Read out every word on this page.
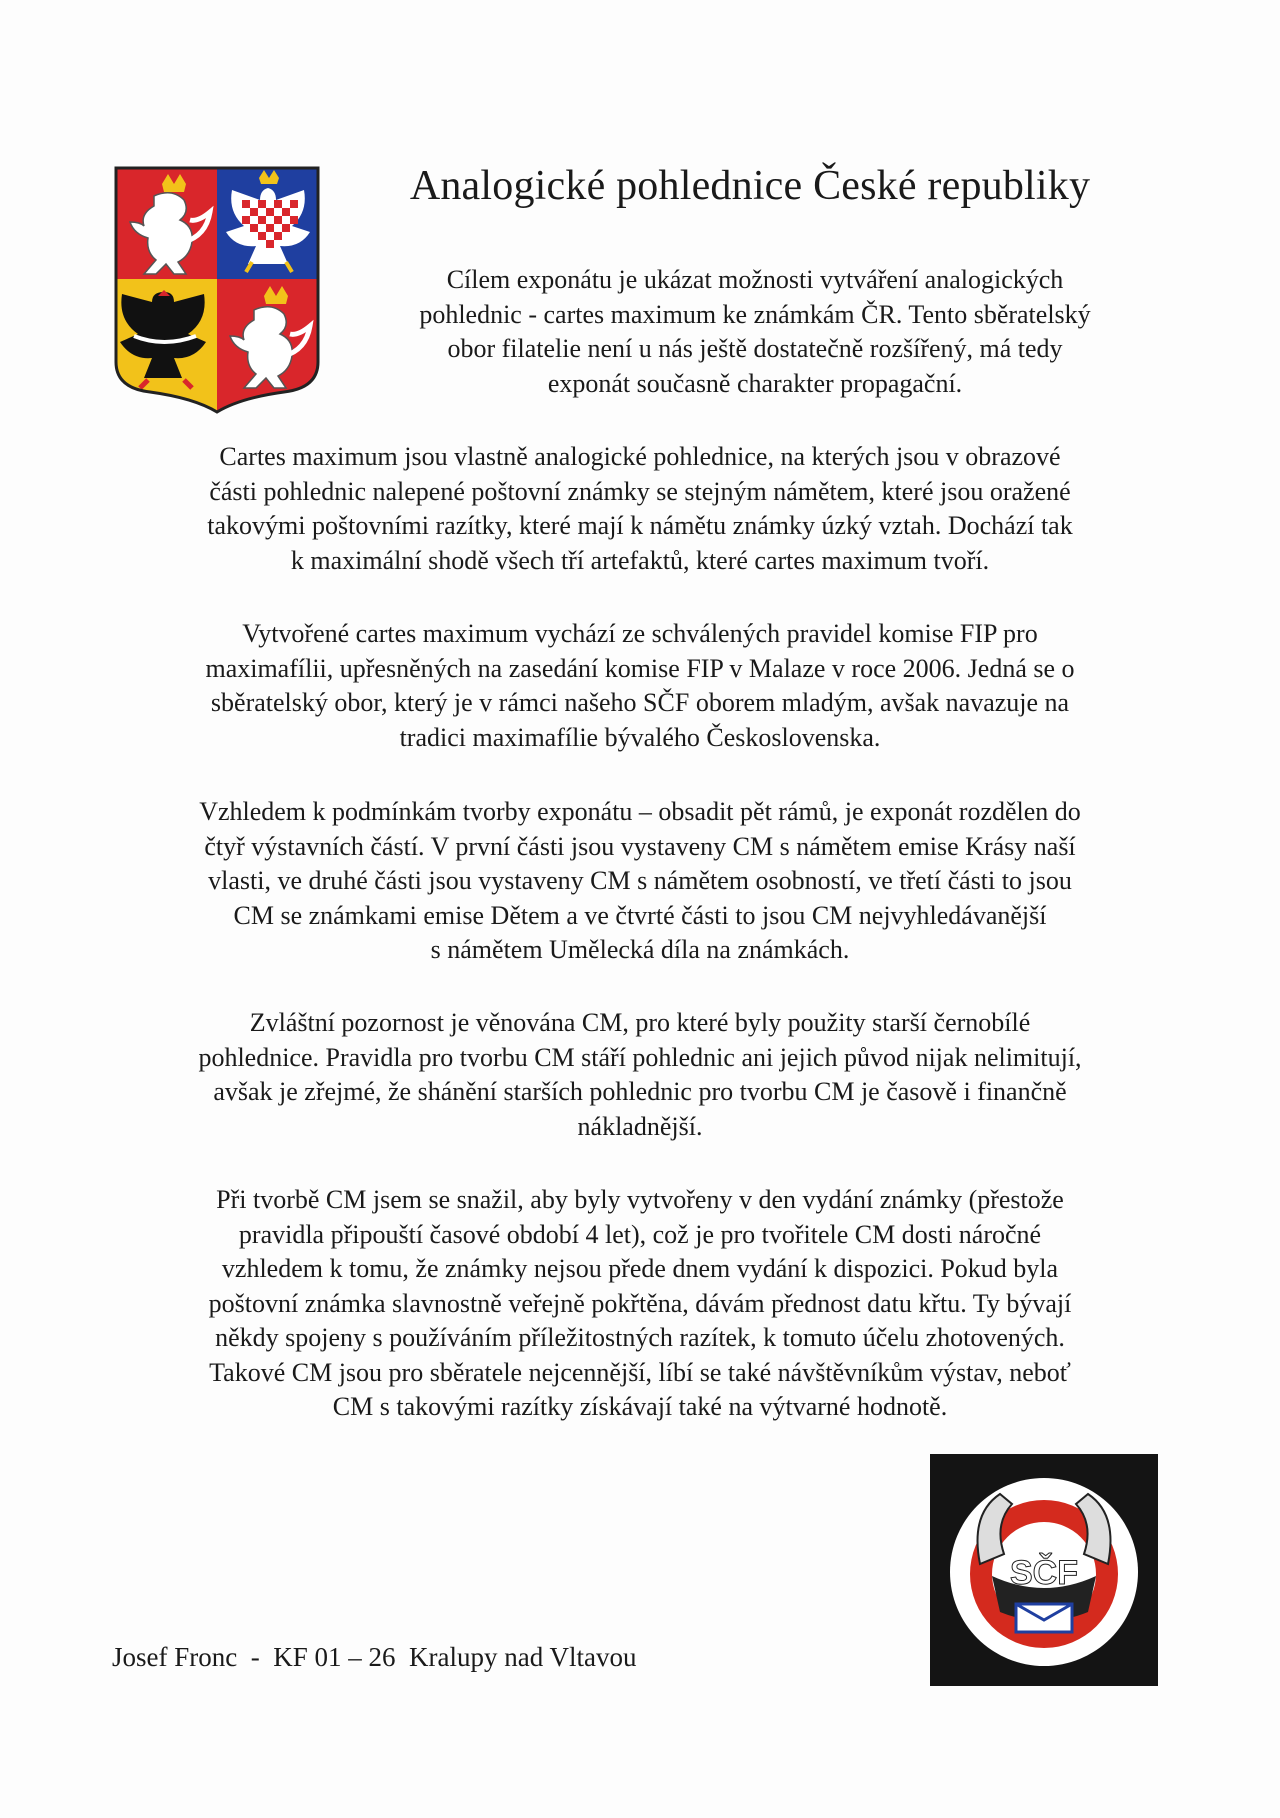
Analogické pohlednice České republiky
Cílem exponátu je ukázat možnosti vytváření analogických
pohlednic - cartes maximum ke známkám ČR. Tento sběratelský
obor filatelie není u nás ještě dostatečně rozšířený, má tedy
exponát současně charakter propagační.
Cartes maximum jsou vlastně analogické pohlednice, na kterých jsou v obrazové
části pohlednic nalepené poštovní známky se stejným námětem, které jsou oražené
takovými poštovními razítky, které mají k námětu známky úzký vztah. Dochází tak
k maximální shodě všech tří artefaktů, které cartes maximum tvoří.
Vytvořené cartes maximum vychází ze schválených pravidel komise FIP pro
maximafílii, upřesněných na zasedání komise FIP v Malaze v roce 2006. Jedná se o
sběratelský obor, který je v rámci našeho SČF oborem mladým, avšak navazuje na
tradici maximafílie bývalého Československa.
Vzhledem k podmínkám tvorby exponátu – obsadit pět rámů, je exponát rozdělen do
čtyř výstavních částí. V první části jsou vystaveny CM s námětem emise Krásy naší
vlasti, ve druhé části jsou vystaveny CM s námětem osobností, ve třetí části to jsou
CM se známkami emise Dětem a ve čtvrté části to jsou CM nejvyhledávanější
s námětem Umělecká díla na známkách.
Zvláštní pozornost je věnována CM, pro které byly použity starší černobílé
pohlednice. Pravidla pro tvorbu CM stáří pohlednic ani jejich původ nijak nelimitují,
avšak je zřejmé, že shánění starších pohlednic pro tvorbu CM je časově i finančně
nákladnější.
Při tvorbě CM jsem se snažil, aby byly vytvořeny v den vydání známky (přestože
pravidla připouští časové období 4 let), což je pro tvořitele CM dosti náročné
vzhledem k tomu, že známky nejsou přede dnem vydání k dispozici. Pokud byla
poštovní známka slavnostně veřejně pokřtěna, dávám přednost datu křtu. Ty bývají
někdy spojeny s používáním příležitostných razítek, k tomuto účelu zhotovených.
Takové CM jsou pro sběratele nejcennější, líbí se také návštěvníkům výstav, neboť
CM s takovými razítky získávají také na výtvarné hodnotě.
SČF
Josef Fronc  -  KF 01 – 26  Kralupy nad Vltavou
